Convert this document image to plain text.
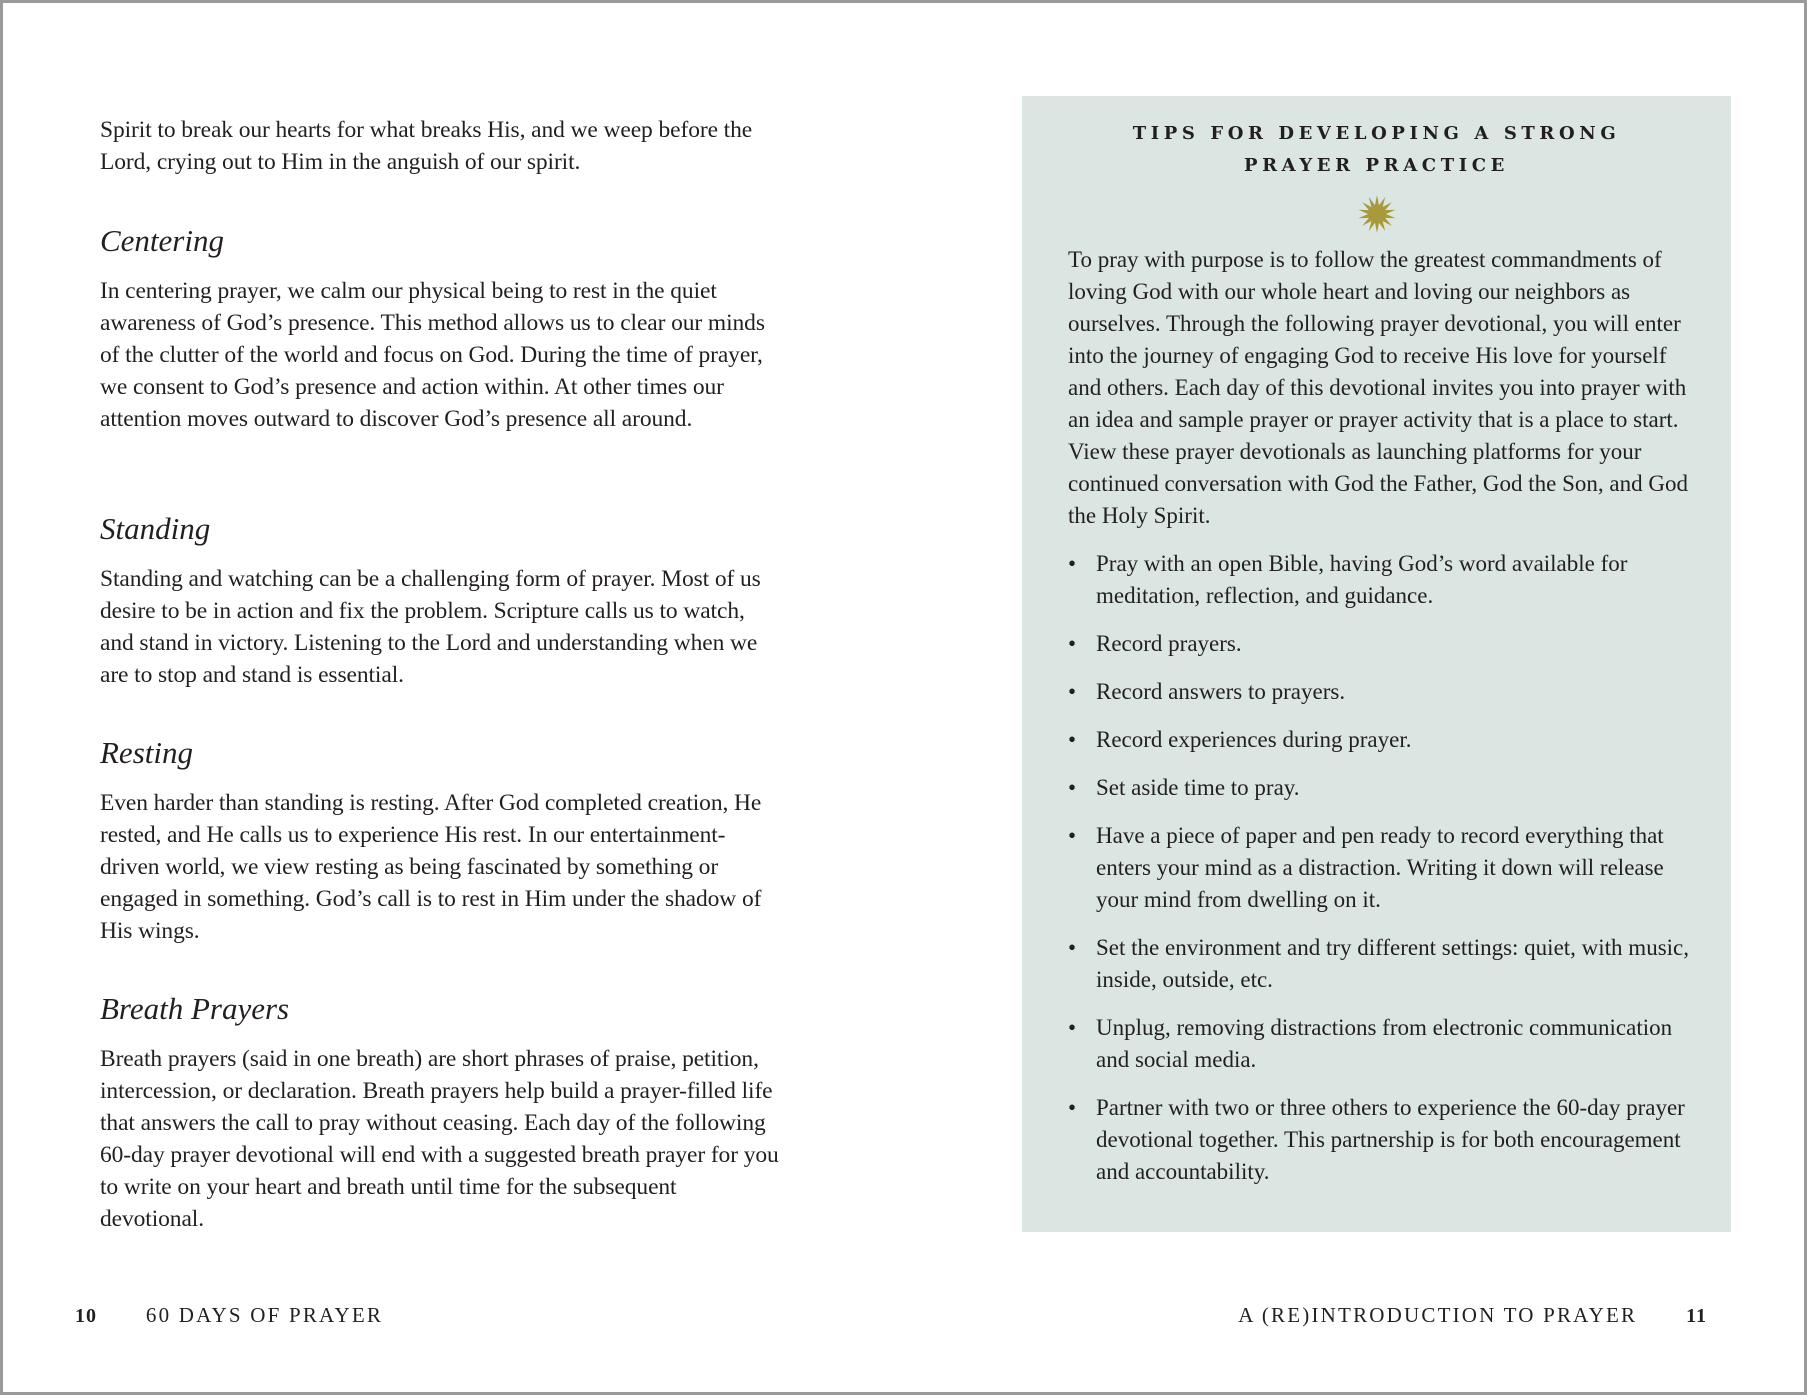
Spirit to break our hearts for what breaks His, and we weep before the Lord, crying out to Him in the anguish of our spirit.

Centering

In centering prayer, we calm our physical being to rest in the quiet awareness of God’s presence. This method allows us to clear our minds of the clutter of the world and focus on God. During the time of prayer, we consent to God’s presence and action within. At other times our attention moves outward to discover God’s presence all around.

Standing

Standing and watching can be a challenging form of prayer. Most of us desire to be in action and fix the problem. Scripture calls us to watch, and stand in victory. Listening to the Lord and understanding when we are to stop and stand is essential.

Resting

Even harder than standing is resting. After God completed creation, He rested, and He calls us to experience His rest. In our entertainment-driven world, we view resting as being fascinated by something or engaged in something. God’s call is to rest in Him under the shadow of His wings.

Breath Prayers

Breath prayers (said in one breath) are short phrases of praise, petition, intercession, or declaration. Breath prayers help build a prayer-filled life that answers the call to pray without ceasing. Each day of the following 60-day prayer devotional will end with a suggested breath prayer for you to write on your heart and breath until time for the subsequent devotional.

10 60 DAYS OF PRAYER
TIPS FOR DEVELOPING A STRONG
PRAYER PRACTICE

To pray with purpose is to follow the greatest commandments of loving God with our whole heart and loving our neighbors as ourselves. Through the following prayer devotional, you will enter into the journey of engaging God to receive His love for yourself and others. Each day of this devotional invites you into prayer with an idea and sample prayer or prayer activity that is a place to start. View these prayer devotionals as launching platforms for your continued conversation with God the Father, God the Son, and God the Holy Spirit.

• Pray with an open Bible, having God’s word available for meditation, reflection, and guidance.
• Record prayers.
• Record answers to prayers.
• Record experiences during prayer.
• Set aside time to pray.
• Have a piece of paper and pen ready to record everything that enters your mind as a distraction. Writing it down will release your mind from dwelling on it.
• Set the environment and try different settings: quiet, with music, inside, outside, etc.
• Unplug, removing distractions from electronic communication and social media.
• Partner with two or three others to experience the 60-day prayer devotional together. This partnership is for both encouragement and accountability.
A (RE)INTRODUCTION TO PRAYER 11
